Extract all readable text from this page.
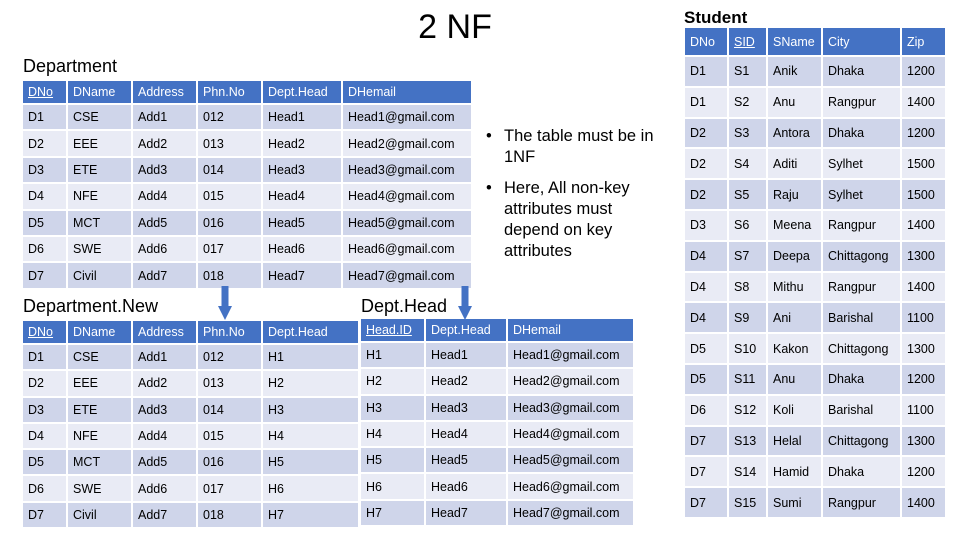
2 NF
Department
DNo	DName	Address	Phn.No	Dept.Head	DHemail
D1	CSE	Add1	012	Head1	Head1@gmail.com
D2	EEE	Add2	013	Head2	Head2@gmail.com
D3	ETE	Add3	014	Head3	Head3@gmail.com
D4	NFE	Add4	015	Head4	Head4@gmail.com
D5	MCT	Add5	016	Head5	Head5@gmail.com
D6	SWE	Add6	017	Head6	Head6@gmail.com
D7	Civil	Add7	018	Head7	Head7@gmail.com
Department.New
DNo	DName	Address	Phn.No	Dept.Head
D1	CSE	Add1	012	H1
D2	EEE	Add2	013	H2
D3	ETE	Add3	014	H3
D4	NFE	Add4	015	H4
D5	MCT	Add5	016	H5
D6	SWE	Add6	017	H6
D7	Civil	Add7	018	H7
Dept.Head
Head.ID	Dept.Head	DHemail
H1	Head1	Head1@gmail.com
H2	Head2	Head2@gmail.com
H3	Head3	Head3@gmail.com
H4	Head4	Head4@gmail.com
H5	Head5	Head5@gmail.com
H6	Head6	Head6@gmail.com
H7	Head7	Head7@gmail.com
• The table must be in 1NF
• Here, All non-key attributes must depend on key attributes
Student
DNo	SID	SName	City	Zip
D1	S1	Anik	Dhaka	1200
D1	S2	Anu	Rangpur	1400
D2	S3	Antora	Dhaka	1200
D2	S4	Aditi	Sylhet	1500
D2	S5	Raju	Sylhet	1500
D3	S6	Meena	Rangpur	1400
D4	S7	Deepa	Chittagong	1300
D4	S8	Mithu	Rangpur	1400
D4	S9	Ani	Barishal	1100
D5	S10	Kakon	Chittagong	1300
D5	S11	Anu	Dhaka	1200
D6	S12	Koli	Barishal	1100
D7	S13	Helal	Chittagong	1300
D7	S14	Hamid	Dhaka	1200
D7	S15	Sumi	Rangpur	1400
